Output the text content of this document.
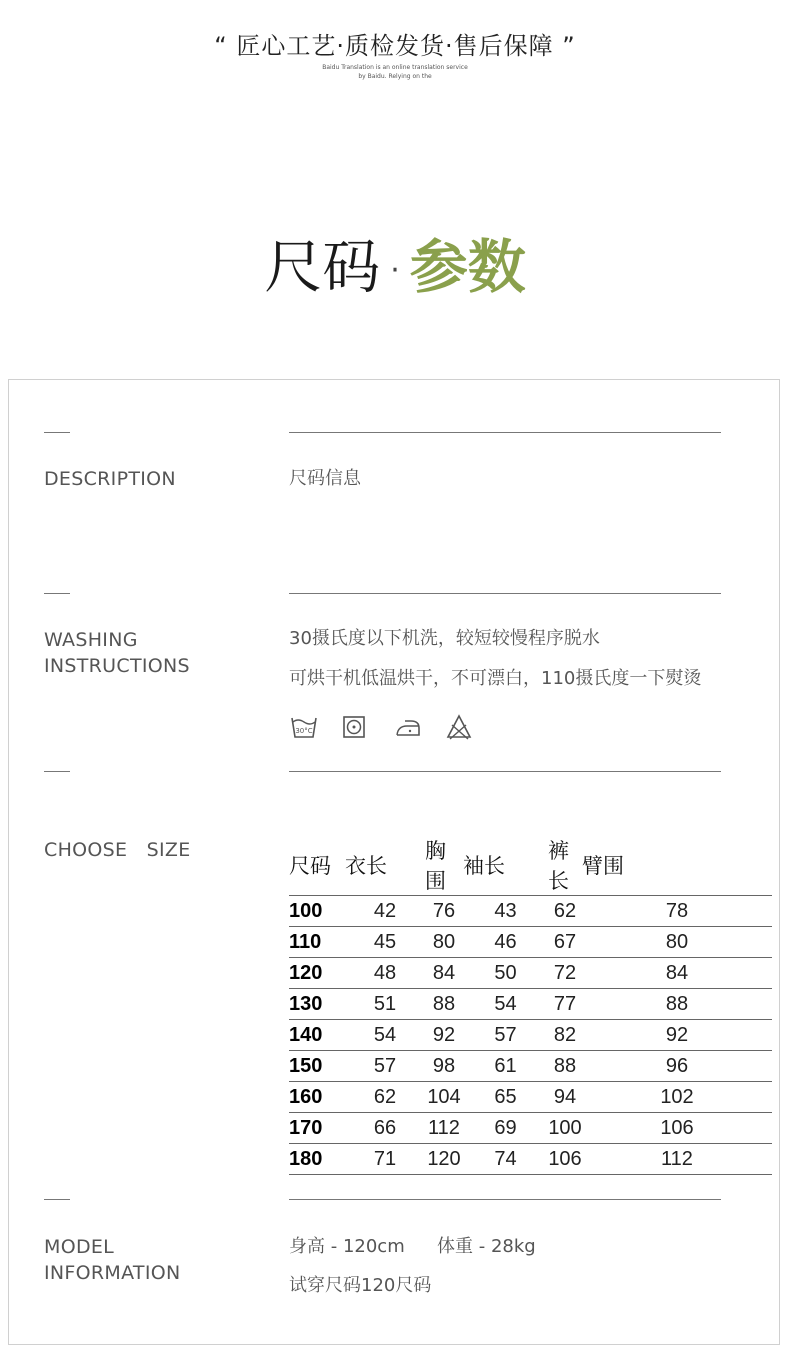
“ 匠心工艺·质检发货·售后保障 ”
Baidu Translation is an online translation service
by Baidu. Relying on the
尺码 · 参数
DESCRIPTION	尺码信息
WASHING
INSTRUCTIONS
30摄氏度以下机洗，较短较慢程序脱水
可烘干机低温烘干，不可漂白，110摄氏度一下熨烫
30°C
CHOOSE　SIZE
尺码	衣长	胸围	袖长	裤长	臂围
100	42	76	43	62	78
110	45	80	46	67	80
120	48	84	50	72	84
130	51	88	54	77	88
140	54	92	57	82	92
150	57	98	61	88	96
160	62	104	65	94	102
170	66	112	69	100	106
180	71	120	74	106	112
MODEL
INFORMATION
身高 - 120cm 体重 - 28kg
试穿尺码120尺码
